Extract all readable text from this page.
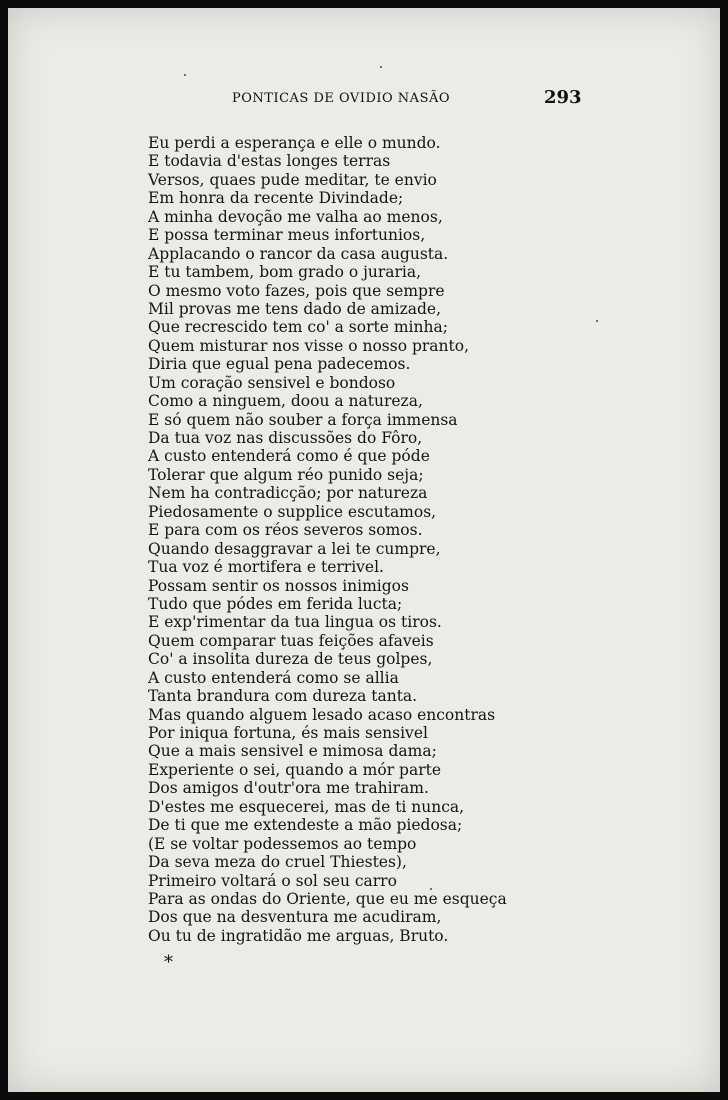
PONTICAS DE OVIDIO NASÃO	293
Eu perdi a esperança e elle o mundo.
E todavia d'estas longes terras
Versos, quaes pude meditar, te envio
Em honra da recente Divindade;
A minha devoção me valha ao menos,
E possa terminar meus infortunios,
Applacando o rancor da casa augusta.
E tu tambem, bom grado o juraria,
O mesmo voto fazes, pois que sempre
Mil provas me tens dado de amizade,
Que recrescido tem co' a sorte minha;
Quem misturar nos visse o nosso pranto,
Diria que egual pena padecemos.
Um coração sensivel e bondoso
Como a ninguem, doou a natureza,
E só quem não souber a força immensa
Da tua voz nas discussões do Fôro,
A custo entenderá como é que póde
Tolerar que algum réo punido seja;
Nem ha contradicção; por natureza
Piedosamente o supplice escutamos,
E para com os réos severos somos.
Quando desaggravar a lei te cumpre,
Tua voz é mortifera e terrivel.
Possam sentir os nossos inimigos
Tudo que pódes em ferida lucta;
E exp'rimentar da tua lingua os tiros.
Quem comparar tuas feições afaveis
Co' a insolita dureza de teus golpes,
A custo entenderá como se allia
Tanta brandura com dureza tanta.
Mas quando alguem lesado acaso encontras
Por iniqua fortuna, és mais sensivel
Que a mais sensivel e mimosa dama;
Experiente o sei, quando a mór parte
Dos amigos d'outr'ora me trahiram.
D'estes me esquecerei, mas de ti nunca,
De ti que me extendeste a mão piedosa;
(E se voltar podessemos ao tempo
Da seva meza do cruel Thiestes),
Primeiro voltará o sol seu carro
Para as ondas do Oriente, que eu me esqueça
Dos que na desventura me acudiram,
Ou tu de ingratidão me arguas, Bruto.
*
